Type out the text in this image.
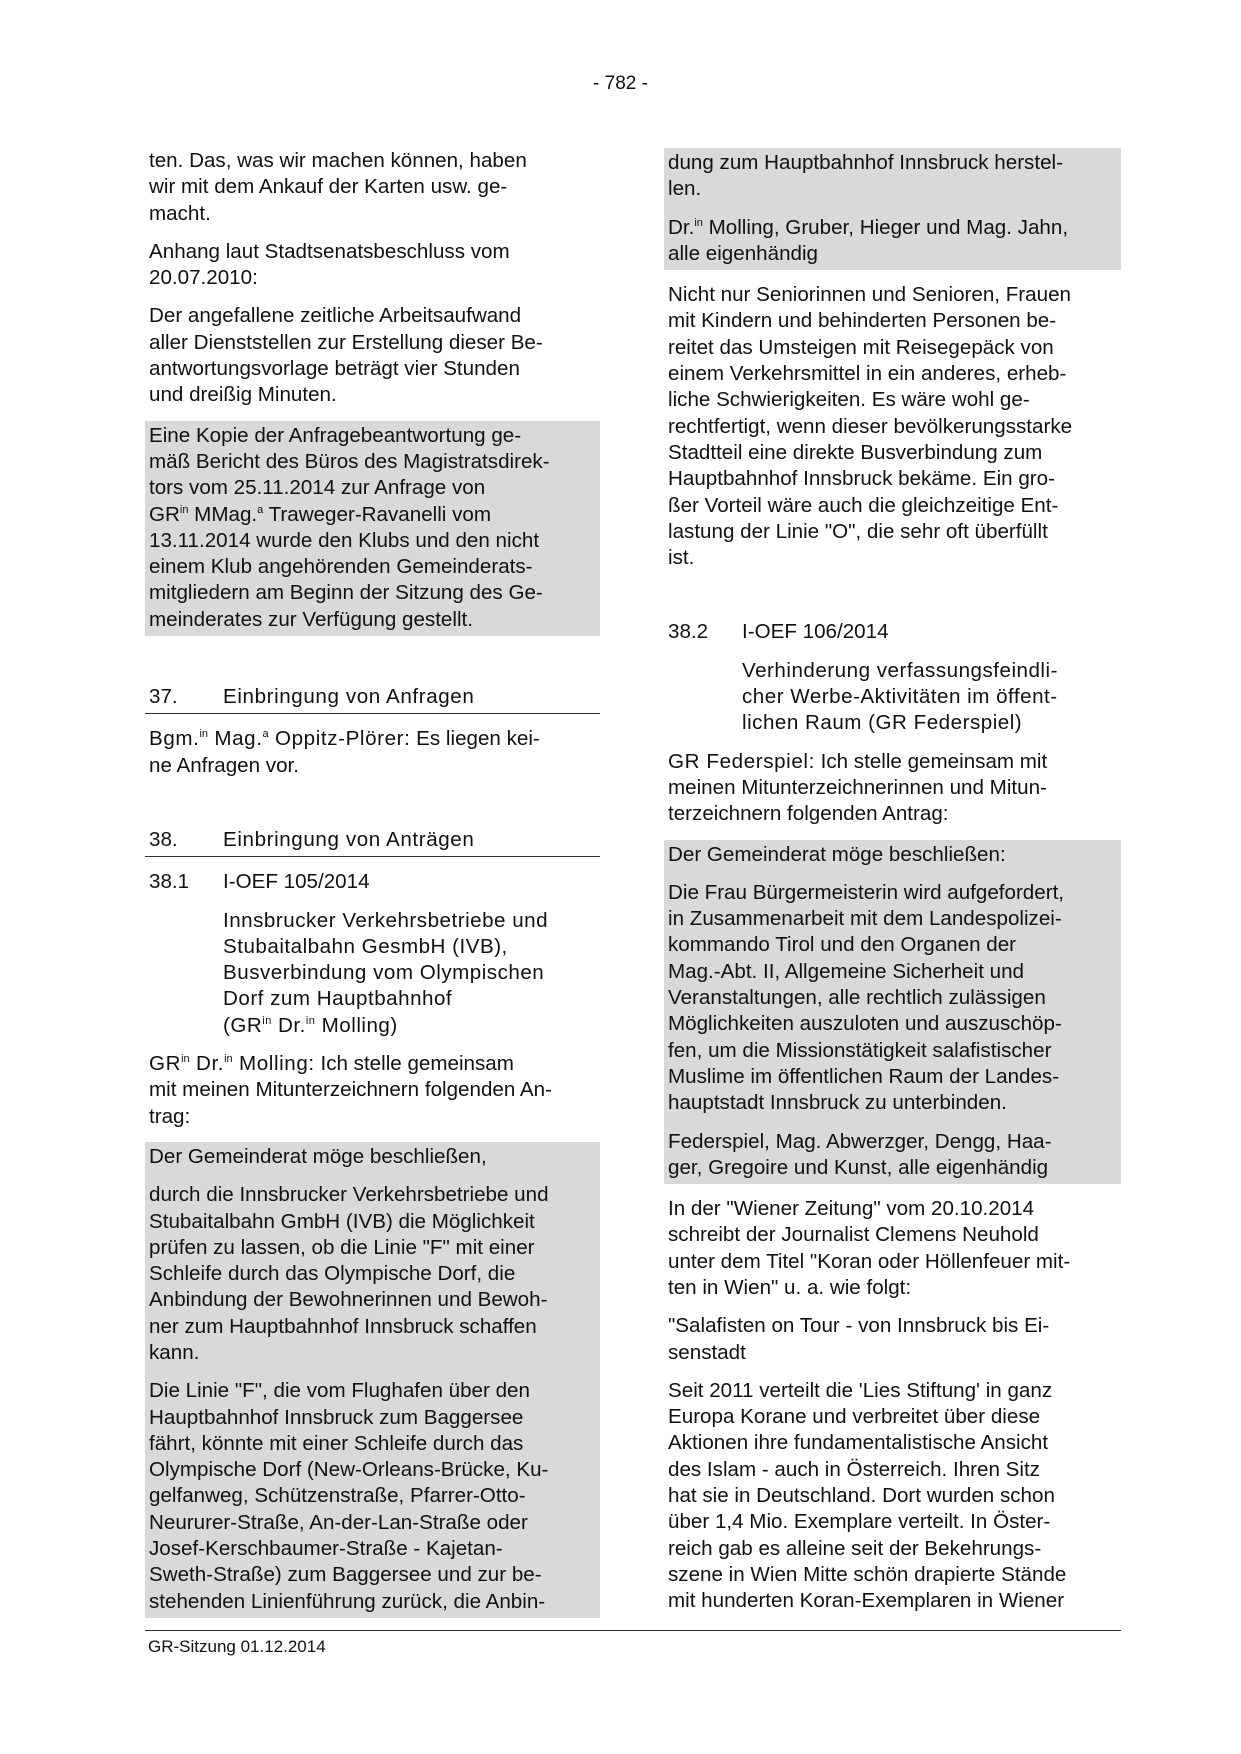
- 782 -

ten. Das, was wir machen können, haben
wir mit dem Ankauf der Karten usw. ge-
macht.

Anhang laut Stadtsenatsbeschluss vom
20.07.2010:

Der angefallene zeitliche Arbeitsaufwand
aller Dienststellen zur Erstellung dieser Be-
antwortungsvorlage beträgt vier Stunden
und dreißig Minuten.

Eine Kopie der Anfragebeantwortung ge-
mäß Bericht des Büros des Magistratsdirek-
tors vom 25.11.2014 zur Anfrage von
$GR^{in}$ MMag.$^a$ Traweger-Ravanelli vom
13.11.2014 wurde den Klubs und den nicht
einem Klub angehörenden Gemeinderats-
mitgliedern am Beginn der Sitzung des Ge-
meinderates zur Verfügung gestellt.
37.	Einbringung von Anfragen
Bgm.$^{in}$ Mag.$^a$ Oppitz-Plörer: Es liegen kei-
ne Anfragen vor.
38.	Einbringung von Anträgen
38.1	I-OEF 105/2014
Innsbrucker Verkehrsbetriebe und
Stubaitalbahn GesmbH (IVB),
Busverbindung vom Olympischen
Dorf zum Hauptbahnhof
($GR^{in}$ Dr.$^{in}$ Molling)
$GR^{in}$ Dr.$^{in}$ Molling: Ich stelle gemeinsam
mit meinen Mitunterzeichnern folgenden An-
trag:

Der Gemeinderat möge beschließen,

durch die Innsbrucker Verkehrsbetriebe und
Stubaitalbahn GmbH (IVB) die Möglichkeit
prüfen zu lassen, ob die Linie "F" mit einer
Schleife durch das Olympische Dorf, die
Anbindung der Bewohnerinnen und Bewoh-
ner zum Hauptbahnhof Innsbruck schaffen
kann.

Die Linie "F", die vom Flughafen über den
Hauptbahnhof Innsbruck zum Baggersee
fährt, könnte mit einer Schleife durch das
Olympische Dorf (New-Orleans-Brücke, Ku-
gelfanweg, Schützenstraße, Pfarrer-Otto-
Neururer-Straße, An-der-Lan-Straße oder
Josef-Kerschbaumer-Straße - Kajetan-
Sweth-Straße) zum Baggersee und zur be-
stehenden Linienführung zurück, die Anbin-

dung zum Hauptbahnhof Innsbruck herstel-
len.

Dr.$^{in}$ Molling, Gruber, Hieger und Mag. Jahn,
alle eigenhändig

Nicht nur Seniorinnen und Senioren, Frauen
mit Kindern und behinderten Personen be-
reitet das Umsteigen mit Reisegepäck von
einem Verkehrsmittel in ein anderes, erheb-
liche Schwierigkeiten. Es wäre wohl ge-
rechtfertigt, wenn dieser bevölkerungsstarke
Stadtteil eine direkte Busverbindung zum
Hauptbahnhof Innsbruck bekäme. Ein gro-
ßer Vorteil wäre auch die gleichzeitige Ent-
lastung der Linie "O", die sehr oft überfüllt
ist.

38.2	I-OEF 106/2014

Verhinderung verfassungsfeindli-
cher Werbe-Aktivitäten im öffent-
lichen Raum (GR Federspiel)

GR Federspiel: Ich stelle gemeinsam mit
meinen Mitunterzeichnerinnen und Mitun-
terzeichnern folgenden Antrag:

Der Gemeinderat möge beschließen:

Die Frau Bürgermeisterin wird aufgefordert,
in Zusammenarbeit mit dem Landespolizei-
kommando Tirol und den Organen der
Mag.-Abt. II, Allgemeine Sicherheit und
Veranstaltungen, alle rechtlich zulässigen
Möglichkeiten auszuloten und auszuschöp-
fen, um die Missionstätigkeit salafistischer
Muslime im öffentlichen Raum der Landes-
hauptstadt Innsbruck zu unterbinden.

Federspiel, Mag. Abwerzger, Dengg, Haa-
ger, Gregoire und Kunst, alle eigenhändig

In der "Wiener Zeitung" vom 20.10.2014
schreibt der Journalist Clemens Neuhold
unter dem Titel "Koran oder Höllenfeuer mit-
ten in Wien" u. a. wie folgt:

"Salafisten on Tour - von Innsbruck bis Ei-
senstadt

Seit 2011 verteilt die 'Lies Stiftung' in ganz
Europa Korane und verbreitet über diese
Aktionen ihre fundamentalistische Ansicht
des Islam - auch in Österreich. Ihren Sitz
hat sie in Deutschland. Dort wurden schon
über 1,4 Mio. Exemplare verteilt. In Öster-
reich gab es alleine seit der Bekehrungs-
szene in Wien Mitte schön drapierte Stände
mit hunderten Koran-Exemplaren in Wiener

GR-Sitzung 01.12.2014
